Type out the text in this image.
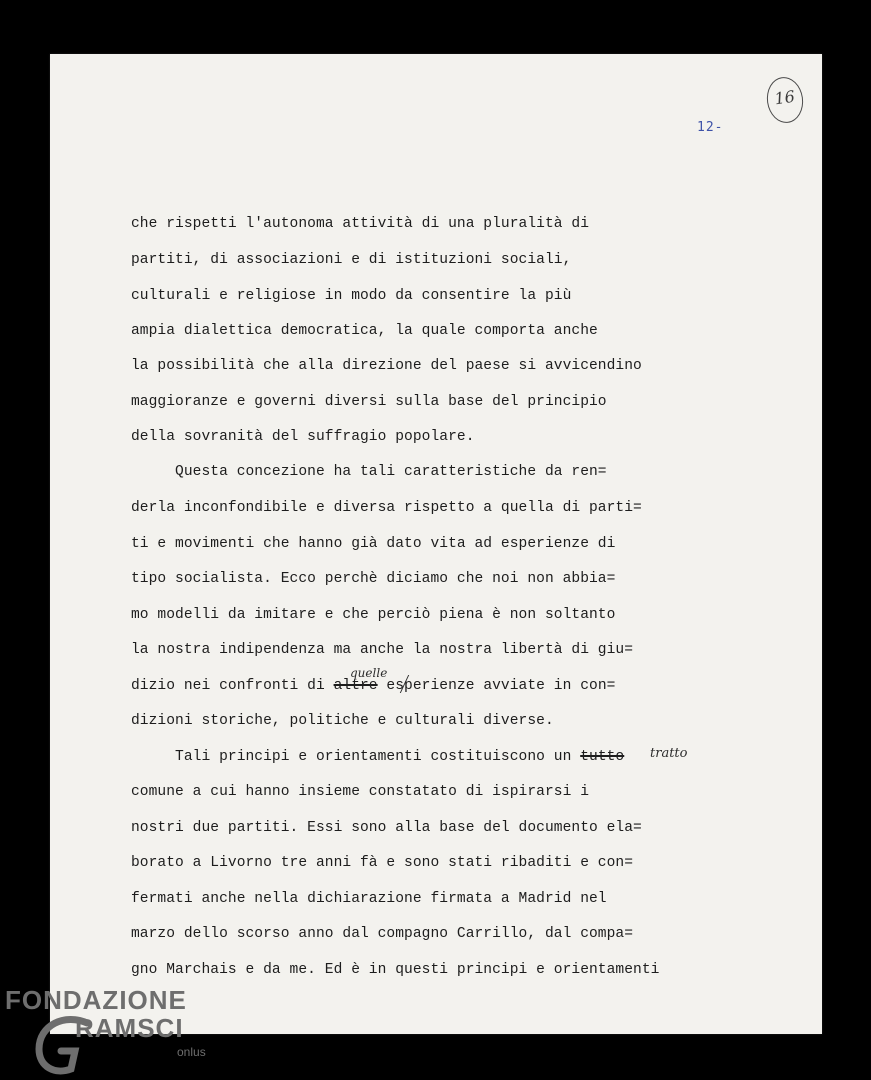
16
12-
che rispetti l'autonoma attività di una pluralità di
partiti, di associazioni e di istituzioni sociali,
culturali e religiose in modo da consentire la più
ampia dialettica democratica, la quale comporta anche
la possibilità che alla direzione del paese si avvicendino
maggioranze e governi diversi sulla base del principio
della sovranità del suffragio popolare.
Questa concezione ha tali caratteristiche da ren=
derla inconfondibile e diversa rispetto a quella di parti=
ti e movimenti che hanno già dato vita ad esperienze di
tipo socialista. Ecco perchè diciamo che noi non abbia=
mo modelli da imitare e che perciò piena è non soltanto
la nostra indipendenza ma anche la nostra libertà di giu=
dizio nei confronti di altre esperienze avviate in con=
dizioni storiche, politiche e culturali diverse.
Tali principi e orientamenti costituiscono un tutto
comune a cui hanno insieme constatato di ispirarsi i
nostri due partiti. Essi sono alla base del documento ela=
borato a Livorno tre anni fà e sono stati ribaditi e con=
fermati anche nella dichiarazione firmata a Madrid nel
marzo dello scorso anno dal compagno Carrillo, dal compa=
gno Marchais e da me. Ed è in questi principi e orientamenti
quelle
tratto
FONDAZIONE
RAMSCI
onlus
